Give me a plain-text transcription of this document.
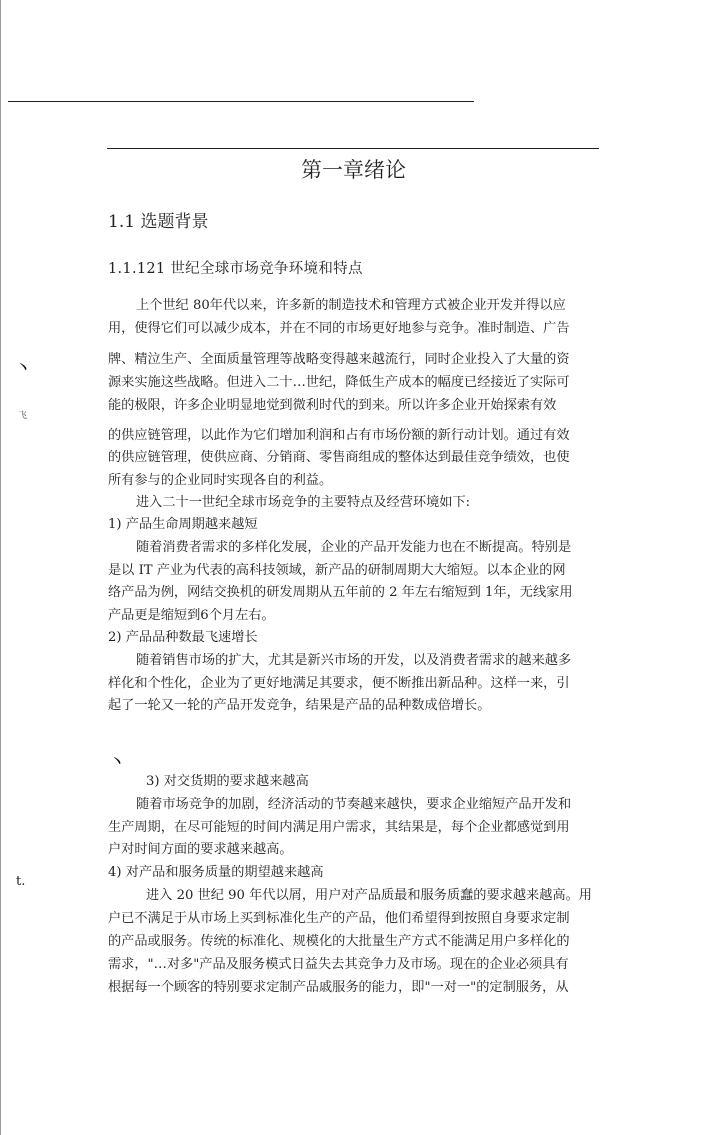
第一章绪论
1.1 选题背景
1.1.121 世纪全球市场竞争环境和特点
上个世纪 80年代以来，许多新的制造技术和管理方式被企业开发并得以应
用，使得它们可以减少成本，并在不同的市场更好地参与竞争。准时制造、广告
牌、精泣生产、全面质量管理等战略变得越来越流行，同时企业投入了大量的资
源来实施这些战略。但进入二十…世纪，降低生产成本的幅度已经接近了实际可
能的极限，许多企业明显地觉到微利时代的到来。所以许多企业开始探索有效
的供应链管理，以此作为它们增加利润和占有市场份额的新行动计划。通过有效
的供应链管理，使供应商、分销商、零售商组成的整体达到最佳竞争绩效，也使
所有参与的企业同时实现各自的利益。
进入二十一世纪全球市场竞争的主要特点及经营环境如下:
1) 产品生命周期越来越短
随着消费者需求的多样化发展，企业的产品开发能力也在不断提高。特别是
是以 IT 产业为代表的高科技领域，新产品的研制周期大大缩短。以本企业的网
络产品为例，网结交换机的研发周期从五年前的 2 年左右缩短到 1年，无线家用
产品更是缩短到6个月左右。
2) 产品品种数最飞速增长
随着销售市场的扩大，尤其是新兴市场的开发，以及消费者需求的越来越多
样化和个性化，企业为了更好地满足其要求，便不断推出新品种。这样一来，引
起了一轮又一轮的产品开发竞争，结果是产品的品种数成倍增长。
3) 对交货期的要求越来越高
随着市场竞争的加剧，经济活动的节奏越来越快，要求企业缩短产品开发和
生产周期，在尽可能短的时间内满足用户需求，其结果是，每个企业都感觉到用
户对时间方面的要求越来越高。
4) 对产品和服务质量的期望越来越高
进入 20 世纪 90 年代以屑，用户对产品质最和服务质蠢的要求越来越高。用
户已不满足于从市场上买到标准化生产的产品，他们希望得到按照自身要求定制
的产品或服务。传统的标准化、规模化的大批量生产方式不能满足用户多样化的
需求，"…对多"产品及服务模式日益失去其竞争力及市场。现在的企业必须具有
根据每一个顾客的特别要求定制产品戚服务的能力，即"一对一"的定制服务，从
丶
飞
丶
t.
